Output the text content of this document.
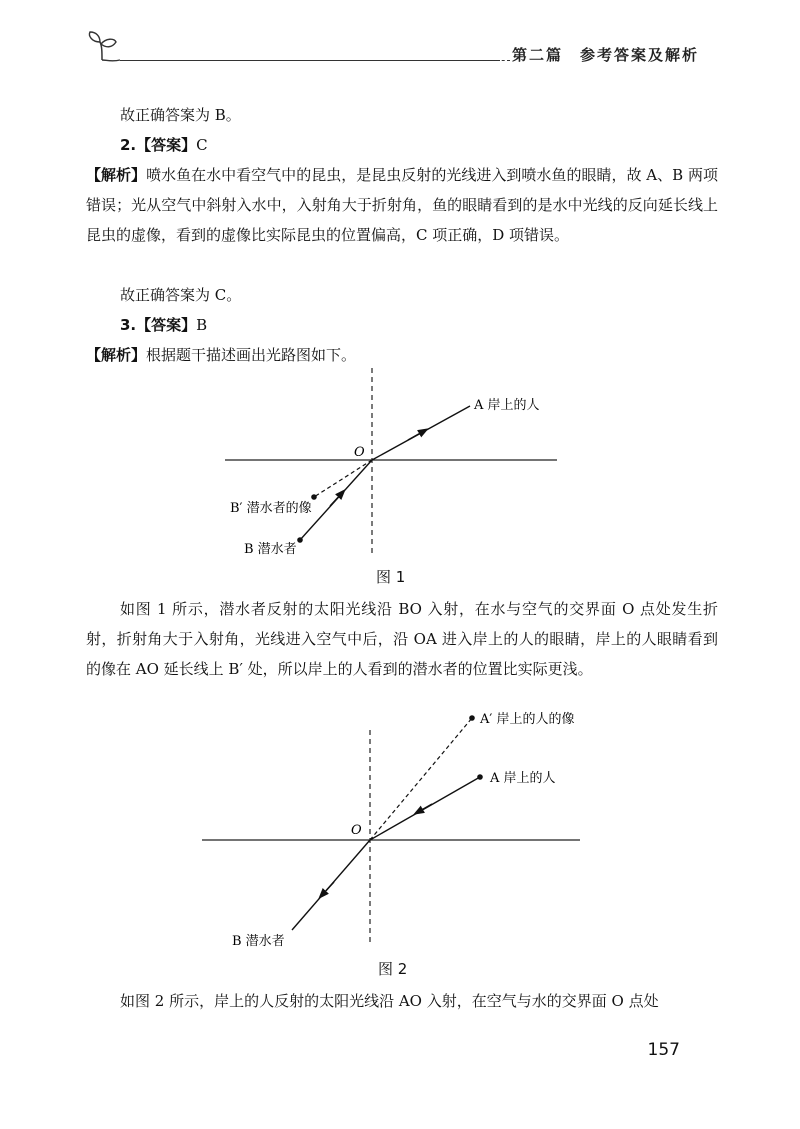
第二篇　参考答案及解析
故正确答案为 B。
2.【答案】C
【解析】喷水鱼在水中看空气中的昆虫，是昆虫反射的光线进入到喷水鱼的眼睛，故 A、B 两项错误；光从空气中斜射入水中，入射角大于折射角，鱼的眼睛看到的是水中光线的反向延长线上昆虫的虚像，看到的虚像比实际昆虫的位置偏高，C 项正确，D 项错误。
故正确答案为 C。
3.【答案】B
【解析】根据题干描述画出光路图如下。
O
A 岸上的人
B′ 潜水者的像
B 潜水者
图 1
如图 1 所示，潜水者反射的太阳光线沿 BO 入射，在水与空气的交界面 O 点处发生折射，折射角大于入射角，光线进入空气中后，沿 OA 进入岸上的人的眼睛，岸上的人眼睛看到的像在 AO 延长线上 B′ 处，所以岸上的人看到的潜水者的位置比实际更浅。
O
A′ 岸上的人的像
A 岸上的人
B 潜水者
图 2
如图 2 所示，岸上的人反射的太阳光线沿 AO 入射，在空气与水的交界面 O 点处
157
